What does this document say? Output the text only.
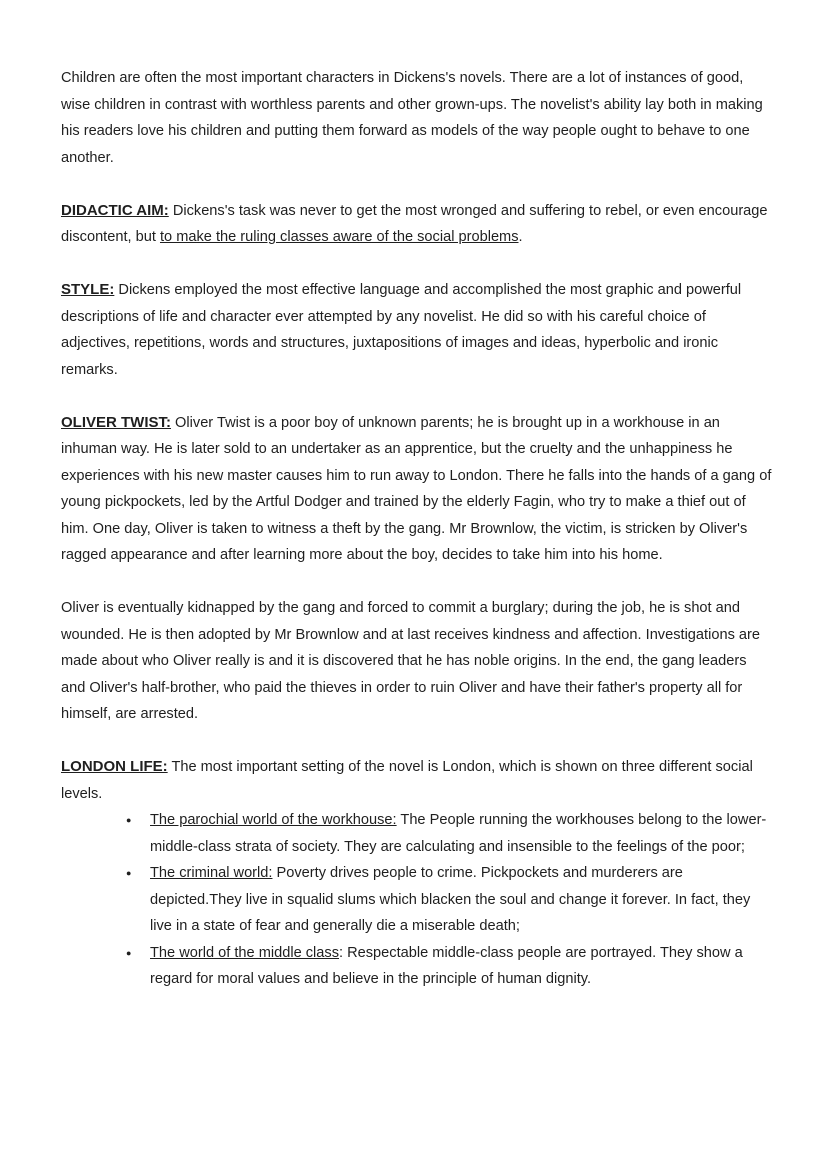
Children are often the most important characters in Dickens's novels. There are a lot of instances of good, wise children in contrast with worthless parents and other grown-ups. The novelist's ability lay both in making his readers love his children and putting them forward as models of the way people ought to behave to one another.

DIDACTIC AIM: Dickens's task was never to get the most wronged and suffering to rebel, or even encourage discontent, but to make the ruling classes aware of the social problems.

STYLE: Dickens employed the most effective language and accomplished the most graphic and powerful descriptions of life and character ever attempted by any novelist. He did so with his careful choice of adjectives, repetitions, words and structures, juxtapositions of images and ideas, hyperbolic and ironic remarks.

OLIVER TWIST: Oliver Twist is a poor boy of unknown parents; he is brought up in a workhouse in an inhuman way. He is later sold to an undertaker as an apprentice, but the cruelty and the unhappiness he experiences with his new master causes him to run away to London. There he falls into the hands of a gang of young pickpockets, led by the Artful Dodger and trained by the elderly Fagin, who try to make a thief out of him. One day, Oliver is taken to witness a theft by the gang. Mr Brownlow, the victim, is stricken by Oliver's ragged appearance and after learning more about the boy, decides to take him into his home.

Oliver is eventually kidnapped by the gang and forced to commit a burglary; during the job, he is shot and wounded. He is then adopted by Mr Brownlow and at last receives kindness and affection. Investigations are made about who Oliver really is and it is discovered that he has noble origins. In the end, the gang leaders and Oliver's half-brother, who paid the thieves in order to ruin Oliver and have their father's property all for himself, are arrested.

LONDON LIFE: The most important setting of the novel is London, which is shown on three different social levels.

● The parochial world of the workhouse: The People running the workhouses belong to the lower-middle-class strata of society. They are calculating and insensible to the feelings of the poor;
● The criminal world: Poverty drives people to crime. Pickpockets and murderers are depicted.They live in squalid slums which blacken the soul and change it forever. In fact, they live in a state of fear and generally die a miserable death;
● The world of the middle class: Respectable middle-class people are portrayed. They show a regard for moral values and believe in the principle of human dignity.
